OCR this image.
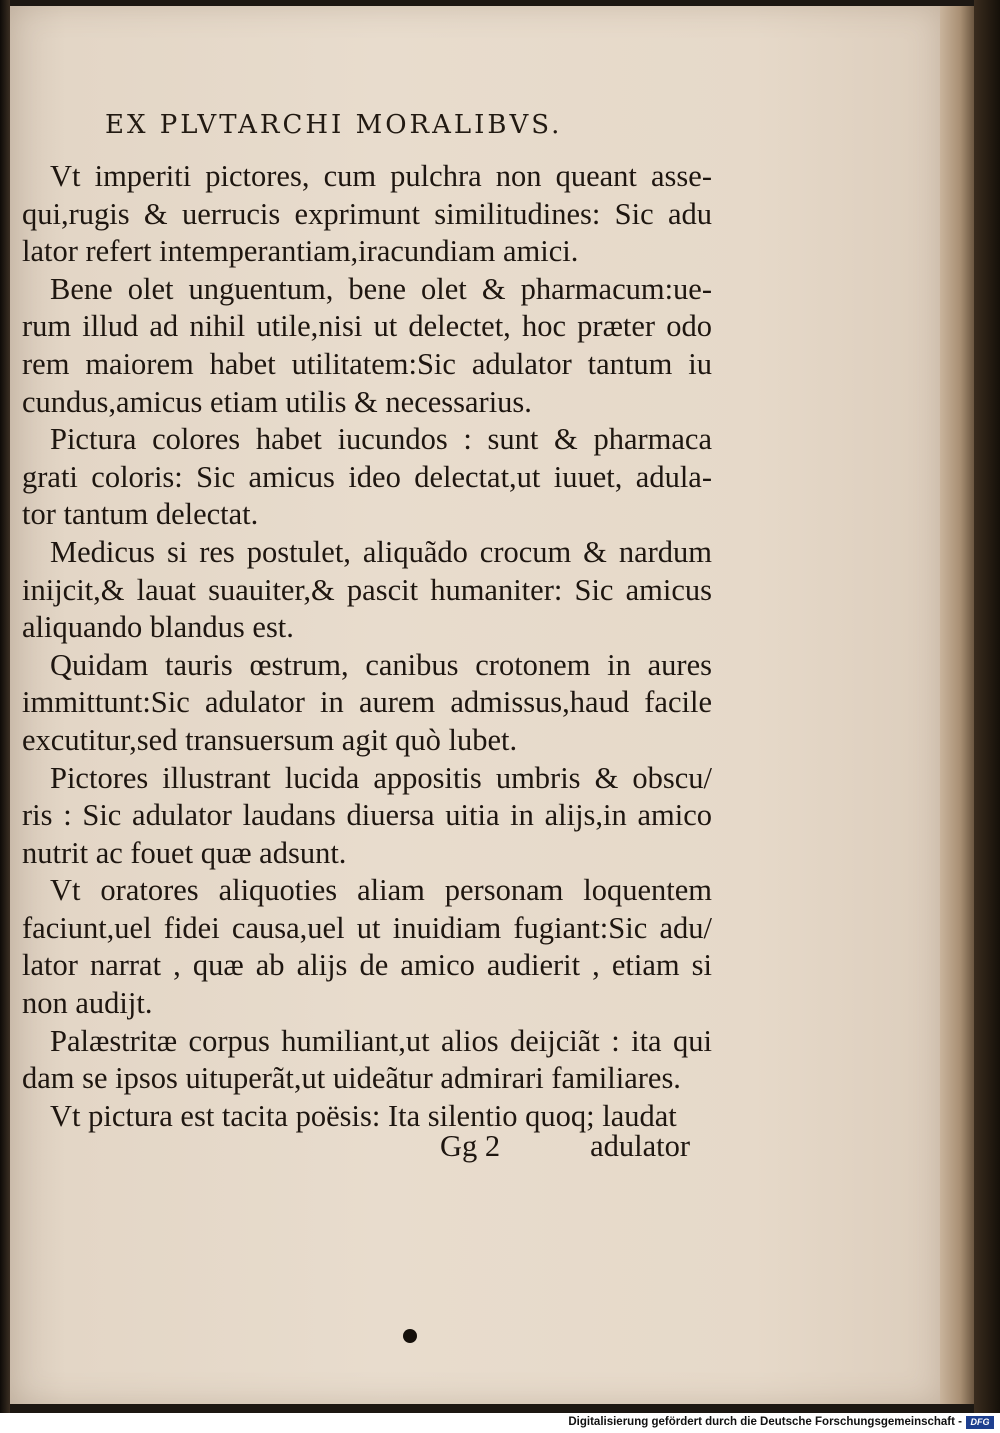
EX PLVTARCHI MORALIBVS.
Vt imperiti pictores, cum pulchra non queant asse-
qui,rugis & uerrucis exprimunt similitudines: Sic adu
lator refert intemperantiam,iracundiam amici.
Bene olet unguentum, bene olet & pharmacum:ue-
rum illud ad nihil utile,nisi ut delectet, hoc præter odo
rem maiorem habet utilitatem:Sic adulator tantum iu
cundus,amicus etiam utilis & necessarius.
Pictura colores habet iucundos : sunt & pharmaca
grati coloris: Sic amicus ideo delectat,ut iuuet, adula-
tor tantum delectat.
Medicus si res postulet, aliquãdo crocum & nardum
inijcit,& lauat suauiter,& pascit humaniter: Sic amicus
aliquando blandus est.
Quidam tauris œstrum, canibus crotonem in aures
immittunt:Sic adulator in aurem admissus,haud facile
excutitur,sed transuersum agit quò lubet.
Pictores illustrant lucida appositis umbris & obscu/
ris : Sic adulator laudans diuersa uitia in alijs,in amico
nutrit ac fouet quæ adsunt.
Vt oratores aliquoties aliam personam loquentem
faciunt,uel fidei causa,uel ut inuidiam fugiant:Sic adu/
lator narrat , quæ ab alijs de amico audierit , etiam si
non audijt.
Palæstritæ corpus humiliant,ut alios deijciãt : ita qui
dam se ipsos uituperãt,ut uideãtur admirari familiares.
Vt pictura est tacita poësis: Ita silentio quoq; laudat
Gg 2	adulator
Digitalisierung gefördert durch die Deutsche Forschungsgemeinschaft - DFG
